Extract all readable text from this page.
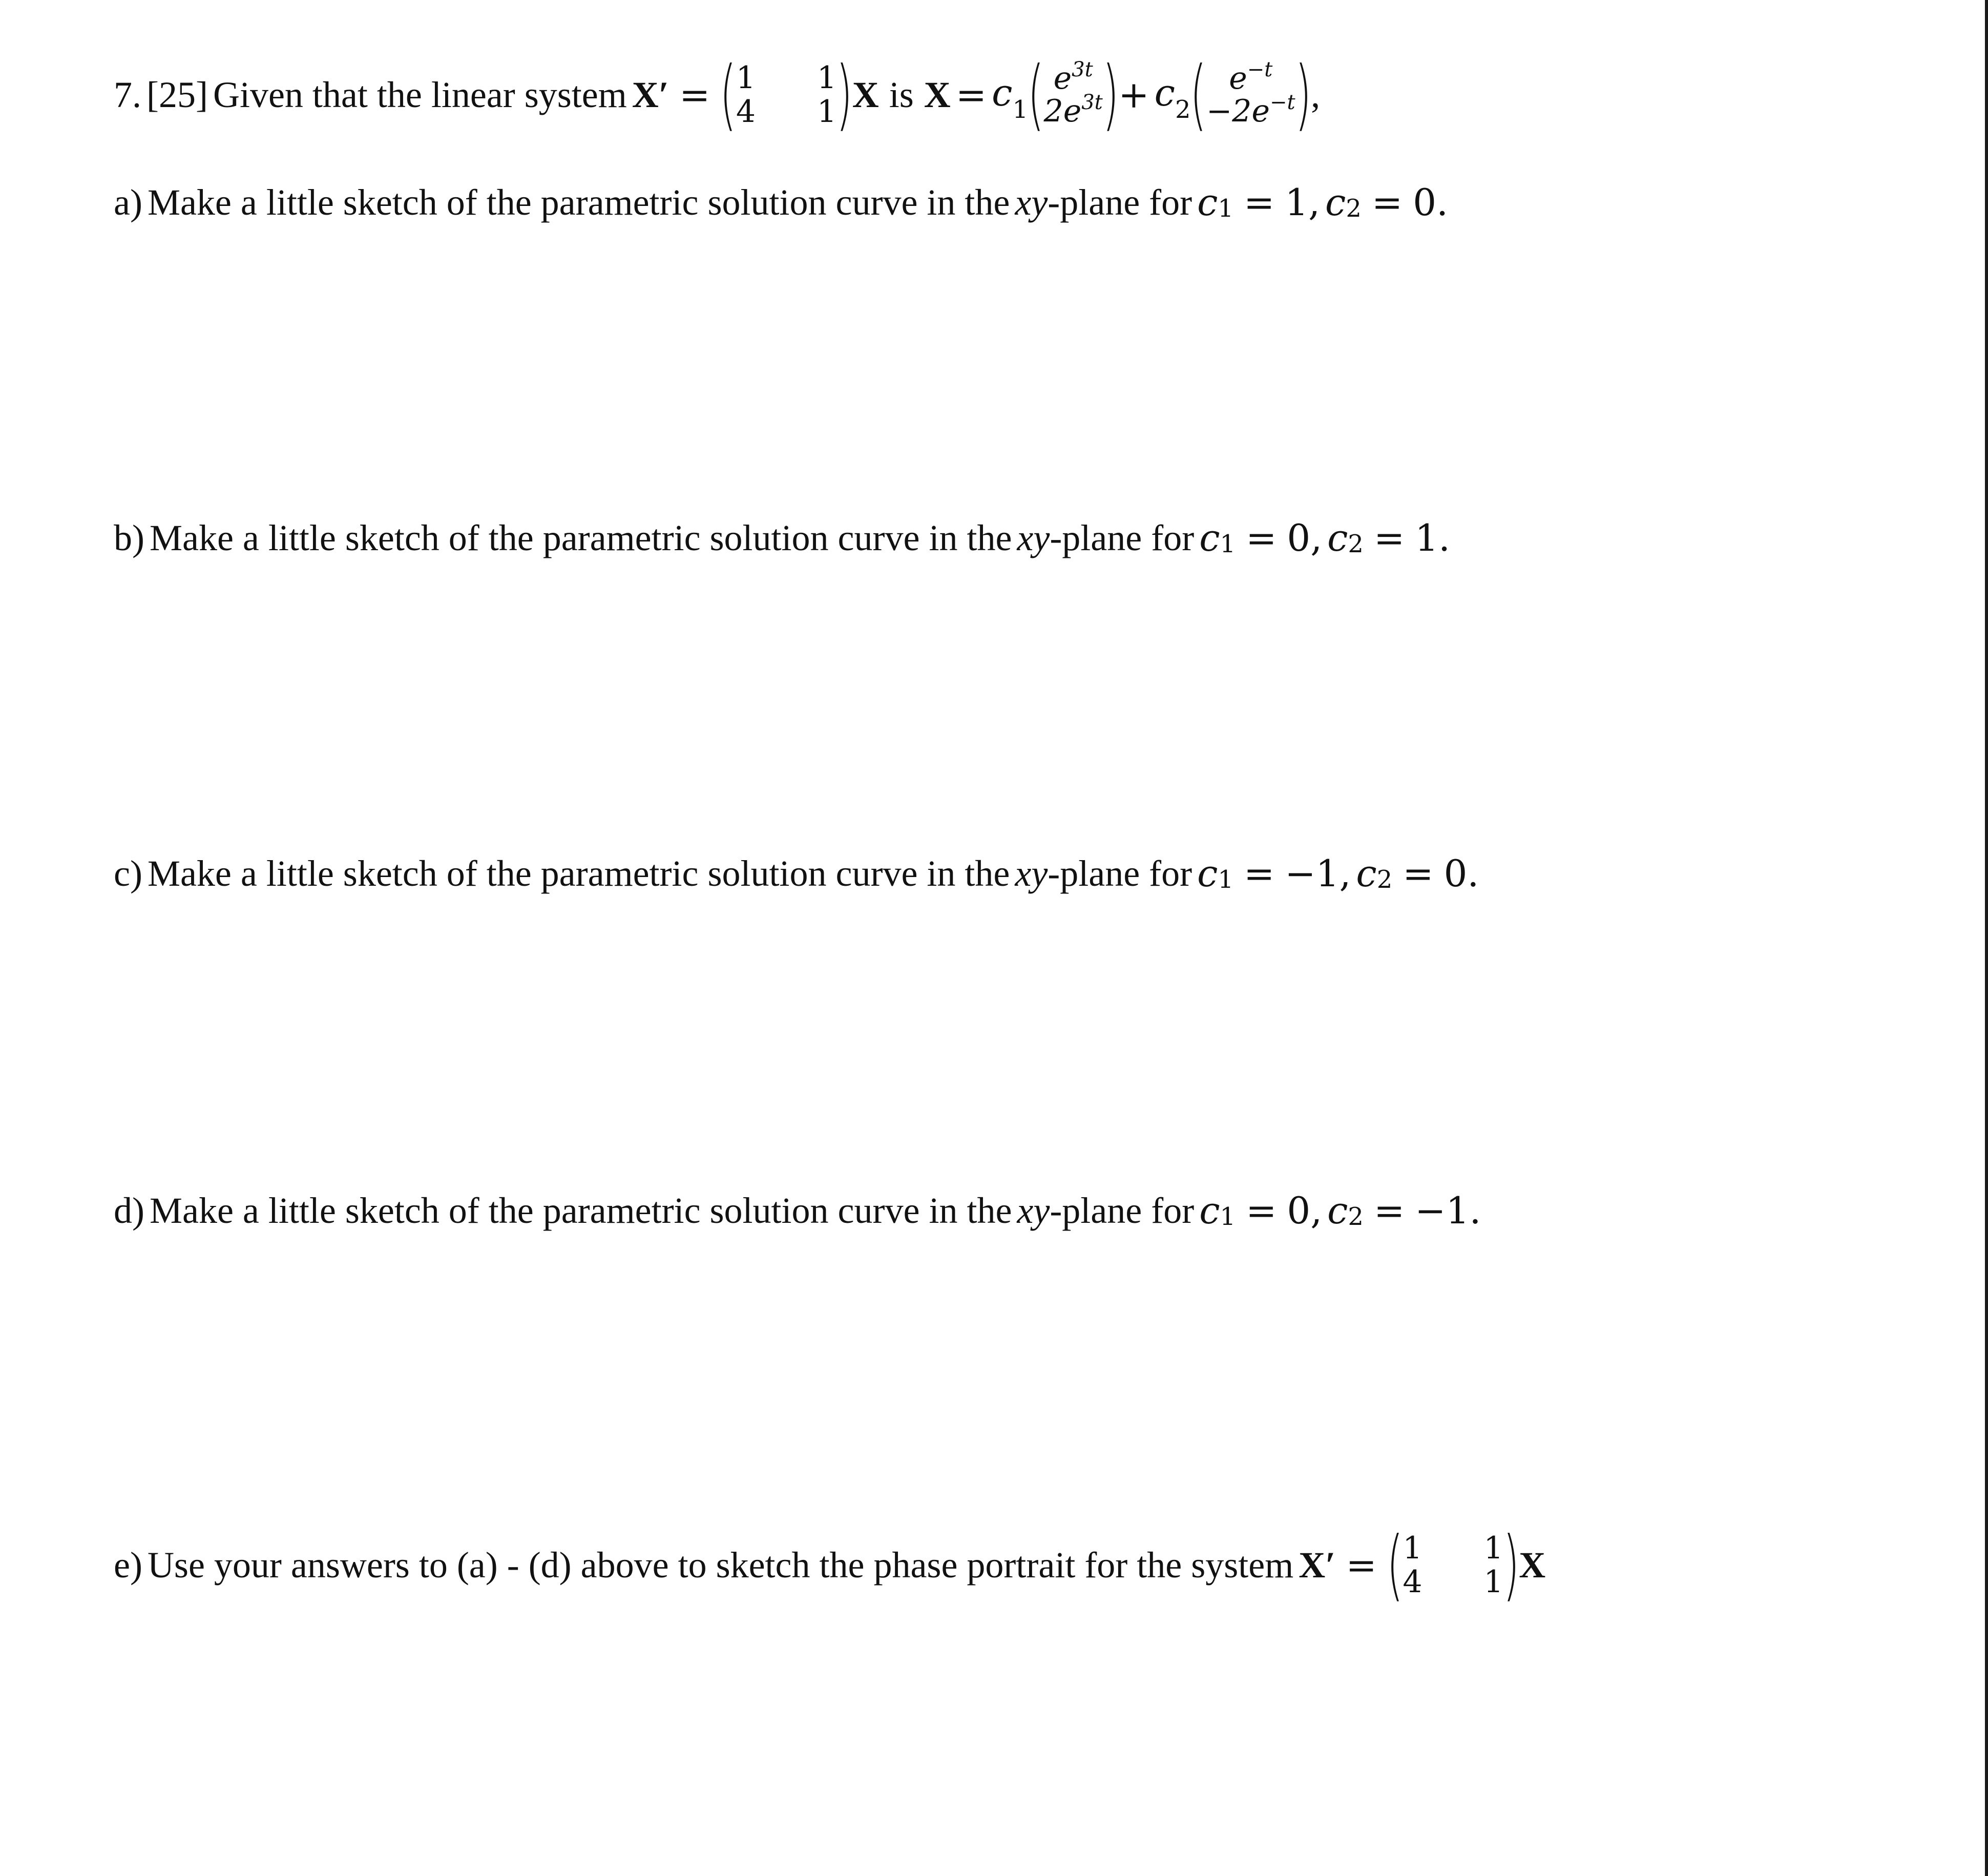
7. [25] Given that the linear system X′ = ( 1 1
4 1 ) X is $X = c_1$ ( $e^{3t}$
$2e^{3t}$ ) + $c_2$ ( $e^{-t}$
$-2e^{-t}$ ) ,
a) Make a little sketch of the parametric solution curve in the xy -plane for c 1 = 1 , c 2 = 0 .
b) Make a little sketch of the parametric solution curve in the xy -plane for c 1 = 0 , c 2 = 1 .
c) Make a little sketch of the parametric solution curve in the xy -plane for c 1 = −1 , c 2 = 0 .
d) Make a little sketch of the parametric solution curve in the xy -plane for c 1 = 0 , c 2 = −1 .
e) Use your answers to (a) - (d) above to sketch the phase portrait for the system X′ = ( 1 1
4 1 ) X
